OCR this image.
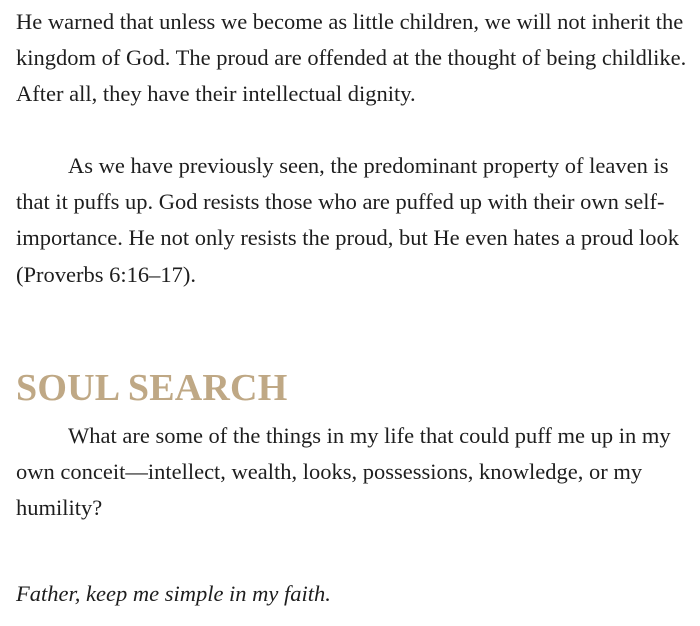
He warned that unless we become as little children, we will not inherit the kingdom of God. The proud are offended at the thought of being childlike. After all, they have their intellectual dignity.

As we have previously seen, the predominant property of leaven is that it puffs up. God resists those who are puffed up with their own self-importance. He not only resists the proud, but He even hates a proud look (Proverbs 6:16–17).

SOUL SEARCH

What are some of the things in my life that could puff me up in my own conceit—intellect, wealth, looks, possessions, knowledge, or my humility?

Father, keep me simple in my faith.
